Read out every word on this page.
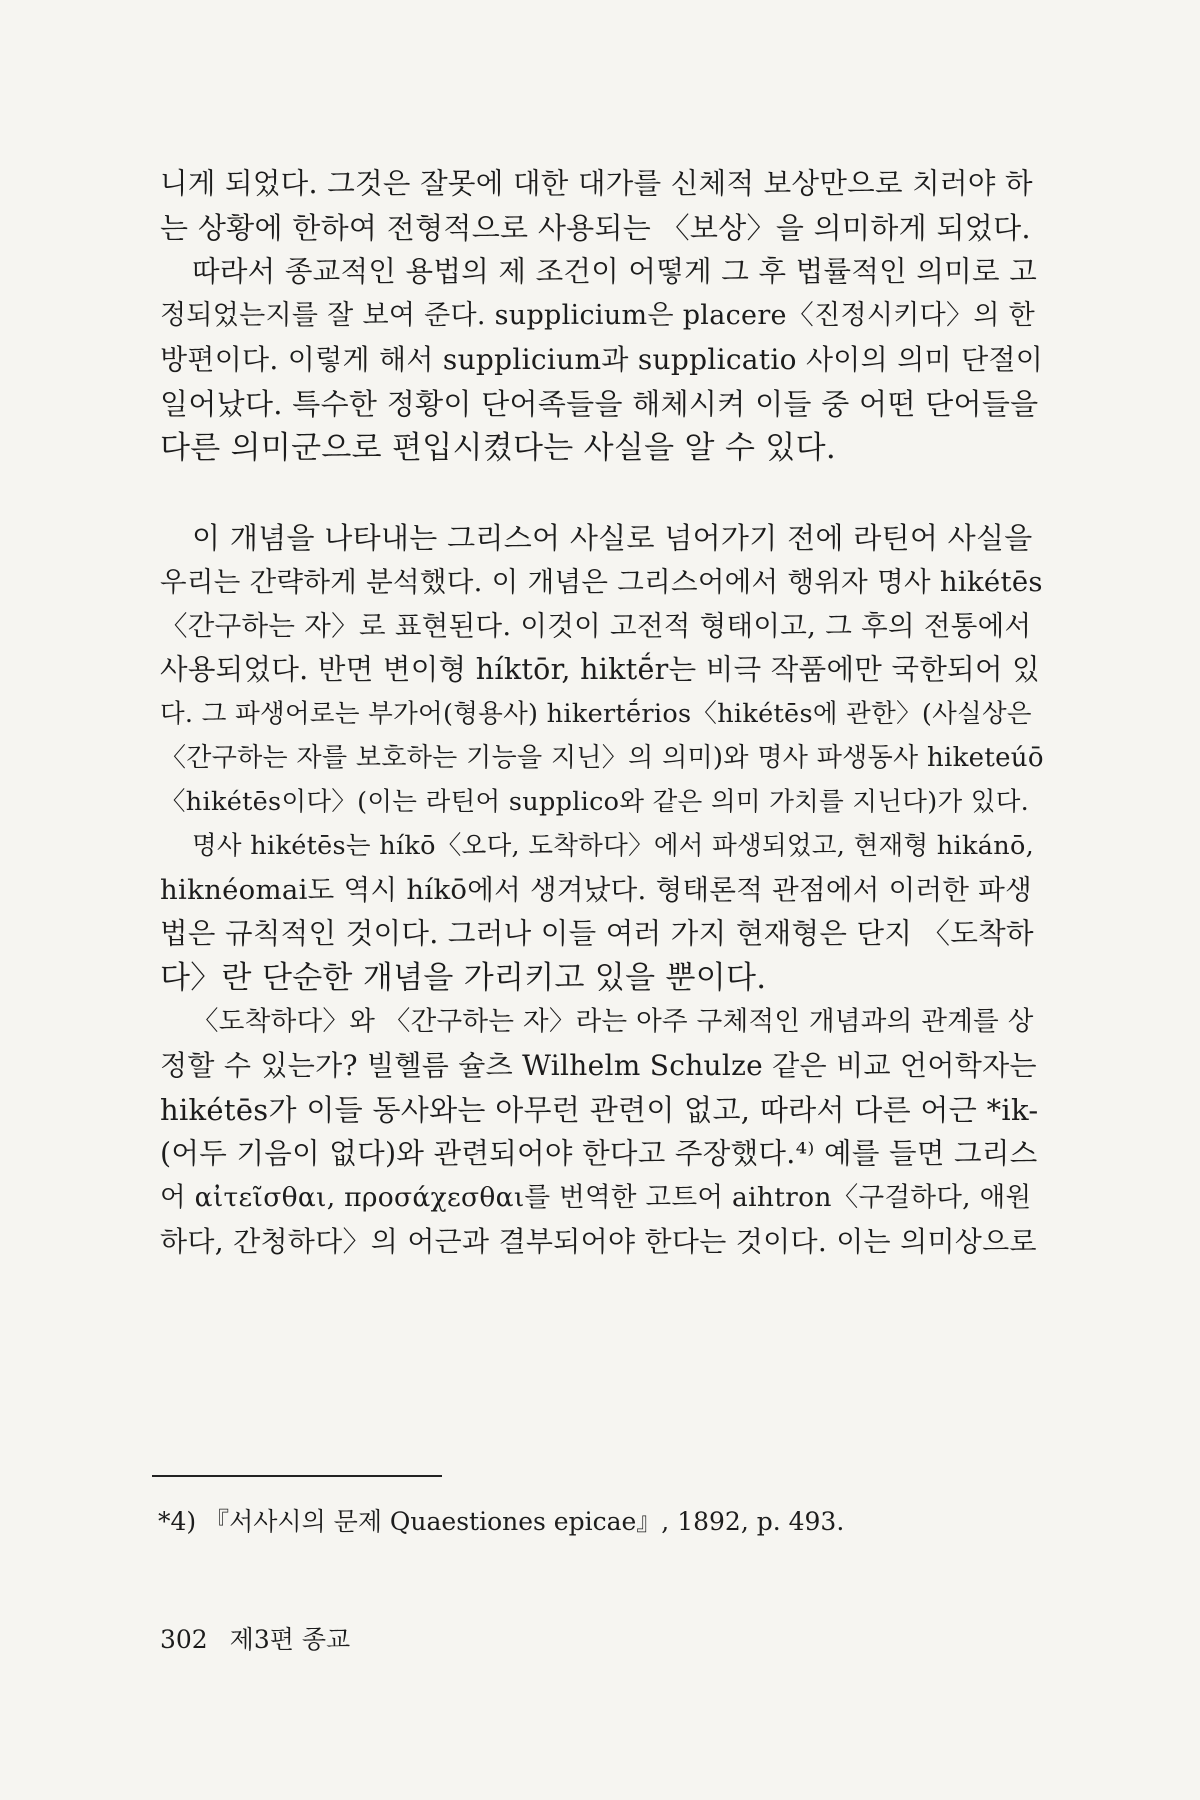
니게 되었다. 그것은 잘못에 대한 대가를 신체적 보상만으로 치러야 하
는 상황에 한하여 전형적으로 사용되는 〈보상〉을 의미하게 되었다.
따라서 종교적인 용법의 제 조건이 어떻게 그 후 법률적인 의미로 고
정되었는지를 잘 보여 준다. supplicium은 placere〈진정시키다〉의 한
방편이다. 이렇게 해서 supplicium과 supplicatio 사이의 의미 단절이
일어났다. 특수한 정황이 단어족들을 해체시켜 이들 중 어떤 단어들을
다른 의미군으로 편입시켰다는 사실을 알 수 있다.
이 개념을 나타내는 그리스어 사실로 넘어가기 전에 라틴어 사실을
우리는 간략하게 분석했다. 이 개념은 그리스어에서 행위자 명사 hikétēs
〈간구하는 자〉로 표현된다. 이것이 고전적 형태이고, 그 후의 전통에서
사용되었다. 반면 변이형 híktōr, hiktḗr는 비극 작품에만 국한되어 있
다. 그 파생어로는 부가어(형용사) hikertḗrios〈hikétēs에 관한〉(사실상은
〈간구하는 자를 보호하는 기능을 지닌〉의 의미)와 명사 파생동사 hiketeúō
〈hikétēs이다〉(이는 라틴어 supplico와 같은 의미 가치를 지닌다)가 있다.
명사 hikétēs는 híkō〈오다, 도착하다〉에서 파생되었고, 현재형 hikánō,
hiknéomai도 역시 híkō에서 생겨났다. 형태론적 관점에서 이러한 파생
법은 규칙적인 것이다. 그러나 이들 여러 가지 현재형은 단지 〈도착하
다〉란 단순한 개념을 가리키고 있을 뿐이다.
〈도착하다〉와 〈간구하는 자〉라는 아주 구체적인 개념과의 관계를 상
정할 수 있는가? 빌헬름 슐츠 Wilhelm Schulze 같은 비교 언어학자는
hikétēs가 이들 동사와는 아무런 관련이 없고, 따라서 다른 어근 *ik-
(어두 기음이 없다)와 관련되어야 한다고 주장했다.⁴⁾ 예를 들면 그리스
어 αἰτεῖσθαι, προσάχεσθαι를 번역한 고트어 aihtron〈구걸하다, 애원
하다, 간청하다〉의 어근과 결부되어야 한다는 것이다. 이는 의미상으로
*4) 『서사시의 문제 Quaestiones epicae』, 1892, p. 493.
302 제3편 종교
